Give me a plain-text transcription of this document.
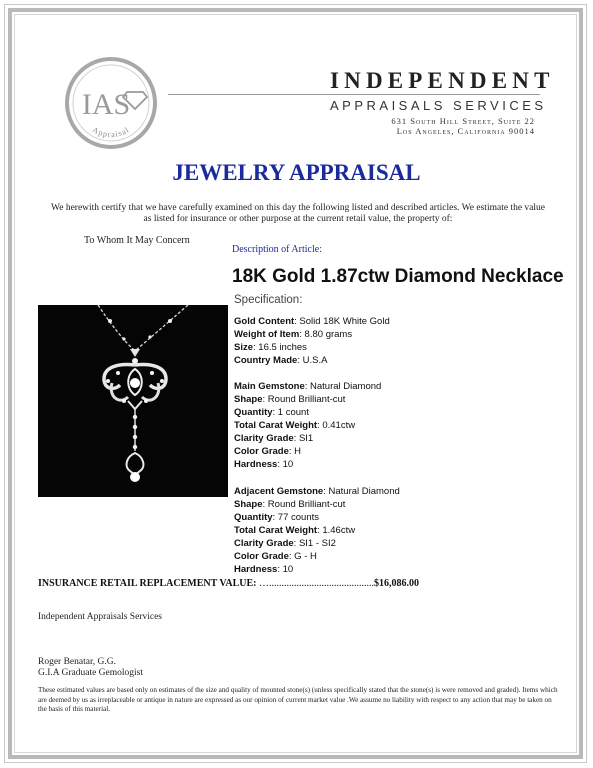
IAS
Appraisal
INDEPENDENT
APPRAISALS SERVICES
631 South Hill Street, Suite 22
Los Angeles, California 90014
JEWELRY APPRAISAL
We herewith certify that we have carefully examined on this day the following listed and described articles. We estimate the value as listed for insurance or other purpose at the current retail value, the property of:
To Whom It May Concern
Description of Article:
18K Gold 1.87ctw Diamond Necklace
Specification:
Gold Content: Solid 18K White Gold
Weight of Item: 8.80 grams
Size: 16.5 inches
Country Made: U.S.A
Main Gemstone: Natural Diamond
Shape: Round Brilliant-cut
Quantity: 1 count
Total Carat Weight: 0.41ctw
Clarity Grade: SI1
Color Grade: H
Hardness: 10
Adjacent Gemstone: Natural Diamond
Shape: Round Brilliant-cut
Quantity: 77 counts
Total Carat Weight: 1.46ctw
Clarity Grade: SI1 - SI2
Color Grade: G - H
Hardness: 10
INSURANCE RETAIL REPLACEMENT VALUE: …..........................................$16,086.00
Independent Appraisals Services
Roger Benatar, G.G.
G.I.A Graduate Gemologist
These estimated values are based only on estimates of the size and quality of mounted stone(s) (unless specifically stated that the stone(s) is were removed and graded). Items which are deemed by us as irreplaceable or antique in nature are expressed as our opinion of current market value .We assume no liability with respect to any action that may be taken on the basis of this material.
